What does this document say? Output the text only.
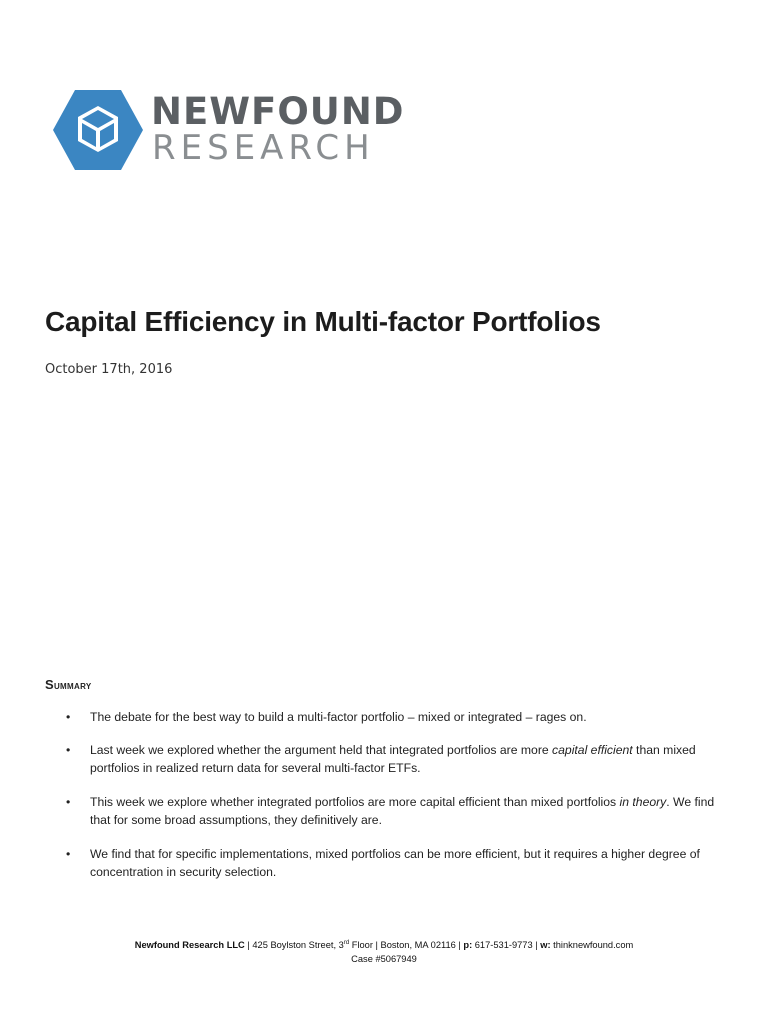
NEWFOUND
RESEARCH
Capital Efficiency in Multi-factor Portfolios
October 17th, 2016
Summary
• The debate for the best way to build a multi-factor portfolio – mixed or integrated – rages on.
• Last week we explored whether the argument held that integrated portfolios are more capital efficient than mixed portfolios in realized return data for several multi-factor ETFs.
• This week we explore whether integrated portfolios are more capital efficient than mixed portfolios in theory. We find that for some broad assumptions, they definitively are.
• We find that for specific implementations, mixed portfolios can be more efficient, but it requires a higher degree of concentration in security selection.
Newfound Research LLC | 425 Boylston Street, 3rd Floor | Boston, MA 02116 | p: 617-531-9773 | w: thinknewfound.com
Case #5067949
